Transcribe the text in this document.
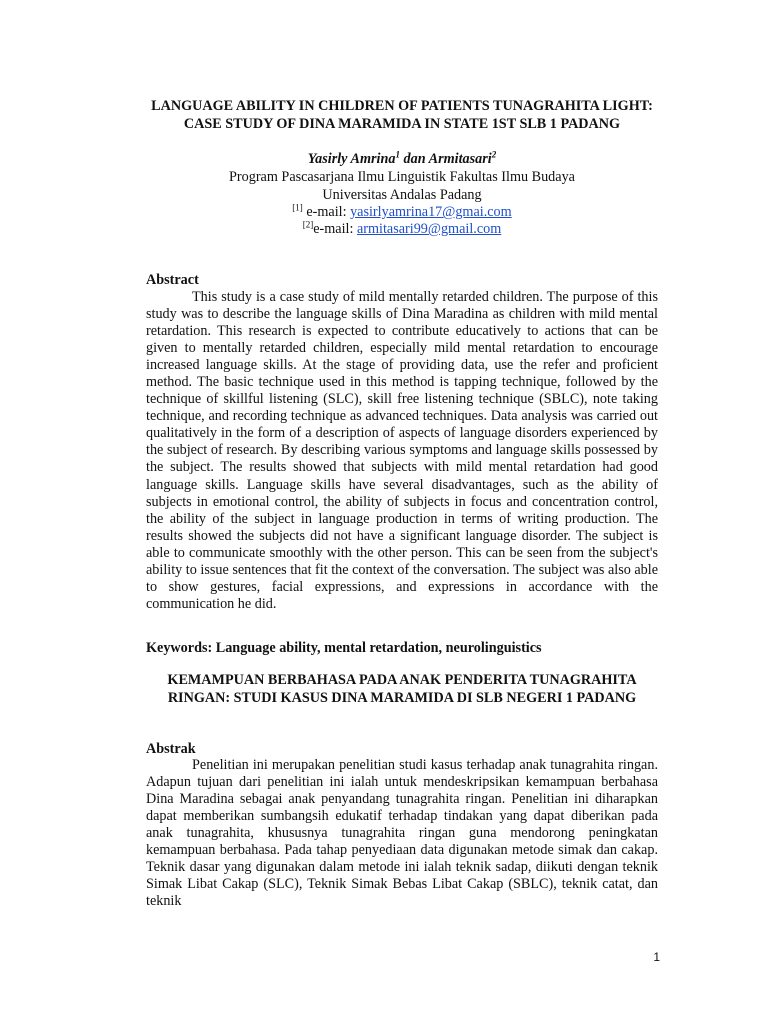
LANGUAGE ABILITY IN CHILDREN OF PATIENTS TUNAGRAHITA LIGHT: CASE STUDY OF DINA MARAMIDA IN STATE 1ST SLB 1 PADANG
Yasirly Amrina$^1$ dan Armitasari$^2$
Program Pascasarjana Ilmu Linguistik Fakultas Ilmu Budaya
Universitas Andalas Padang
[1] e-mail: yasirlyamrina17@gmai.com
[2]e-mail: armitasari99@gmail.com
Abstract
This study is a case study of mild mentally retarded children. The purpose of this study was to describe the language skills of Dina Maradina as children with mild mental retardation. This research is expected to contribute educatively to actions that can be given to mentally retarded children, especially mild mental retardation to encourage increased language skills. At the stage of providing data, use the refer and proficient method. The basic technique used in this method is tapping technique, followed by the technique of skillful listening (SLC), skill free listening technique (SBLC), note taking technique, and recording technique as advanced techniques. Data analysis was carried out qualitatively in the form of a description of aspects of language disorders experienced by the subject of research. By describing various symptoms and language skills possessed by the subject. The results showed that subjects with mild mental retardation had good language skills. Language skills have several disadvantages, such as the ability of subjects in emotional control, the ability of subjects in focus and concentration control, the ability of the subject in language production in terms of writing production. The results showed the subjects did not have a significant language disorder. The subject is able to communicate smoothly with the other person. This can be seen from the subject's ability to issue sentences that fit the context of the conversation. The subject was also able to show gestures, facial expressions, and expressions in accordance with the communication he did.
Keywords: Language ability, mental retardation, neurolinguistics
KEMAMPUAN BERBAHASA PADA ANAK PENDERITA TUNAGRAHITA RINGAN: STUDI KASUS DINA MARAMIDA DI SLB NEGERI 1 PADANG
Abstrak
Penelitian ini merupakan penelitian studi kasus terhadap anak tunagrahita ringan. Adapun tujuan dari penelitian ini ialah untuk mendeskripsikan kemampuan berbahasa Dina Maradina sebagai anak penyandang tunagrahita ringan. Penelitian ini diharapkan dapat memberikan sumbangsih edukatif terhadap tindakan yang dapat diberikan pada anak tunagrahita, khususnya tunagrahita ringan guna mendorong peningkatan kemampuan berbahasa. Pada tahap penyediaan data digunakan metode simak dan cakap. Teknik dasar yang digunakan dalam metode ini ialah teknik sadap, diikuti dengan teknik Simak Libat Cakap (SLC), Teknik Simak Bebas Libat Cakap (SBLC), teknik catat, dan teknik
1
